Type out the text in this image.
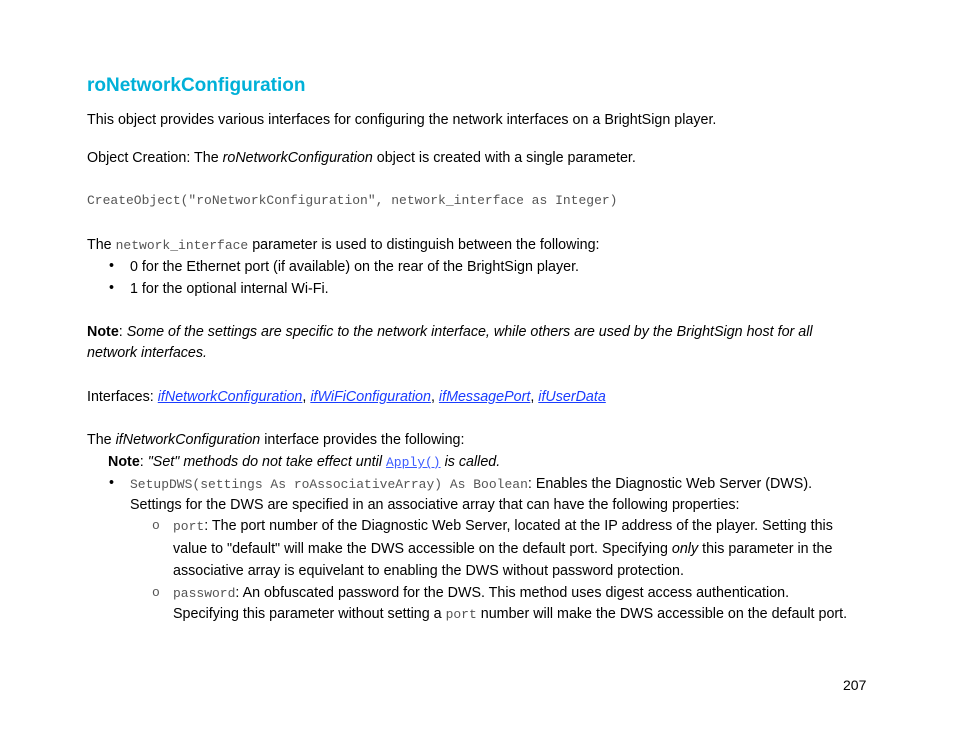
roNetworkConfiguration
This object provides various interfaces for configuring the network interfaces on a BrightSign player.
Object Creation: The roNetworkConfiguration object is created with a single parameter.
CreateObject("roNetworkConfiguration", network_interface as Integer)
The network_interface parameter is used to distinguish between the following:
• 0 for the Ethernet port (if available) on the rear of the BrightSign player.
• 1 for the optional internal Wi-Fi.
Note: Some of the settings are specific to the network interface, while others are used by the BrightSign host for all
network interfaces.
Interfaces: ifNetworkConfiguration, ifWiFiConfiguration, ifMessagePort, ifUserData
The ifNetworkConfiguration interface provides the following:
Note: "Set" methods do not take effect until Apply() is called.
• SetupDWS(settings As roAssociativeArray) As Boolean: Enables the Diagnostic Web Server (DWS).
Settings for the DWS are specified in an associative array that can have the following properties:
o port: The port number of the Diagnostic Web Server, located at the IP address of the player. Setting this
value to "default" will make the DWS accessible on the default port. Specifying only this parameter in the
associative array is equivelant to enabling the DWS without password protection.
o password: An obfuscated password for the DWS. This method uses digest access authentication.
Specifying this parameter without setting a port number will make the DWS accessible on the default port.
207
